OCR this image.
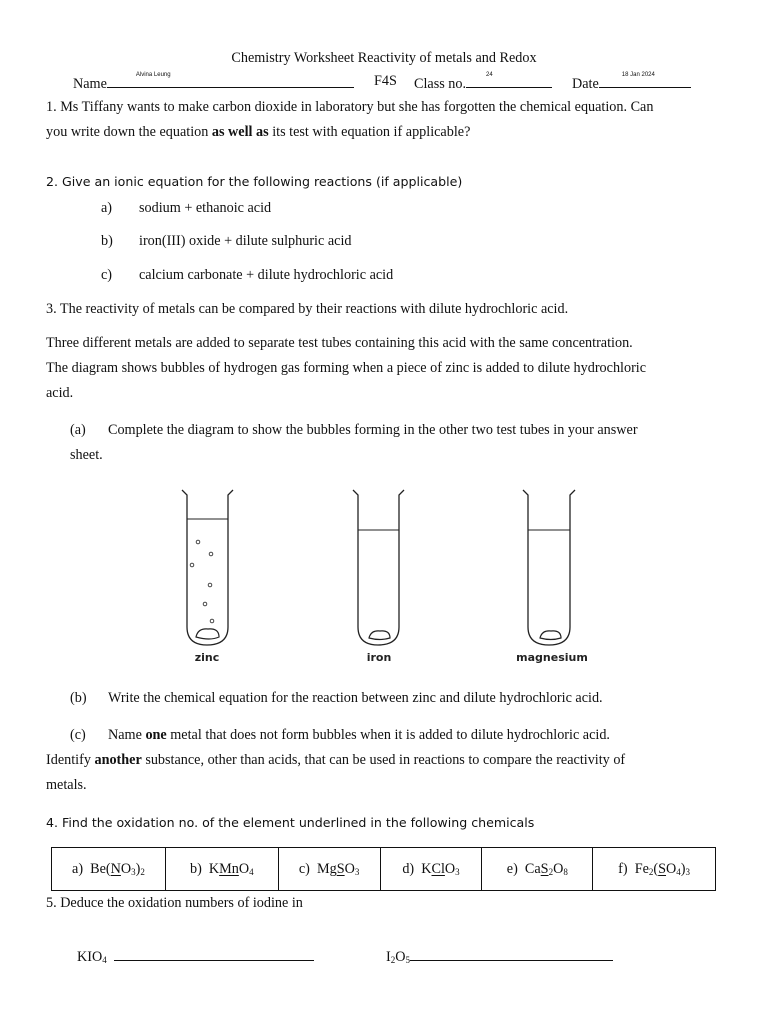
Chemistry Worksheet Reactivity of metals and Redox
Name
Alvina Leung	F4S Class no.
24
Date
18 Jan 2024
1. Ms Tiffany wants to make carbon dioxide in laboratory but she has forgotten the chemical equation. Can
you write down the equation as well as its test with equation if applicable?
2. Give an ionic equation for the following reactions (if applicable)
a) sodium + ethanoic acid
b) iron(III) oxide + dilute sulphuric acid
c) calcium carbonate + dilute hydrochloric acid
3. The reactivity of metals can be compared by their reactions with dilute hydrochloric acid.
Three different metals are added to separate test tubes containing this acid with the same concentration.
The diagram shows bubbles of hydrogen gas forming when a piece of zinc is added to dilute hydrochloric
acid.
(a) Complete the diagram to show the bubbles forming in the other two test tubes in your answer
sheet.
zinc	iron	magnesium
(b) Write the chemical equation for the reaction between zinc and dilute hydrochloric acid.
(c) Name one metal that does not form bubbles when it is added to dilute hydrochloric acid.
Identify another substance, other than acids, that can be used in reactions to compare the reactivity of
metals.
4. Find the oxidation no. of the element underlined in the following chemicals
a)  $Be(NO_3)_2$	b)  KMnO$_4$	c)  MgSO$_3$	d)  KClO$_3$	e)  $CaS_2O_8$	f)  $Fe_2(SO_4)_3$
5. Deduce the oxidation numbers of iodine in
$KIO_4$	$I_2O_5$
